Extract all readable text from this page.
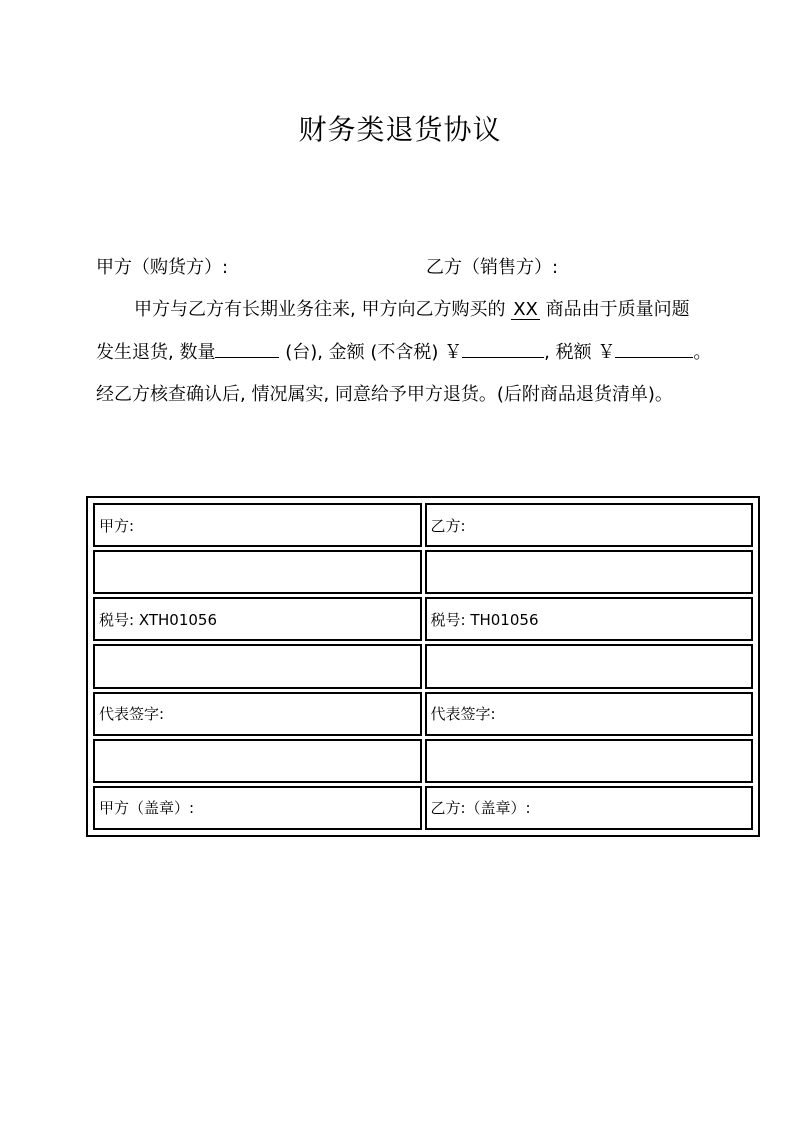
财务类退货协议
甲方（购货方）:	乙方（销售方）:
甲方与乙方有长期业务往来, 甲方向乙方购买的 XX 商品由于质量问题
发生退货, 数量	(台), 金额 (不含税) ￥	, 税额 ￥	。
经乙方核查确认后, 情况属实, 同意给予甲方退货。(后附商品退货清单)。
甲方:	乙方:

税号: XTH01056	税号: TH01056

代表签字:	代表签字:

甲方（盖章）:	乙方:（盖章）:
